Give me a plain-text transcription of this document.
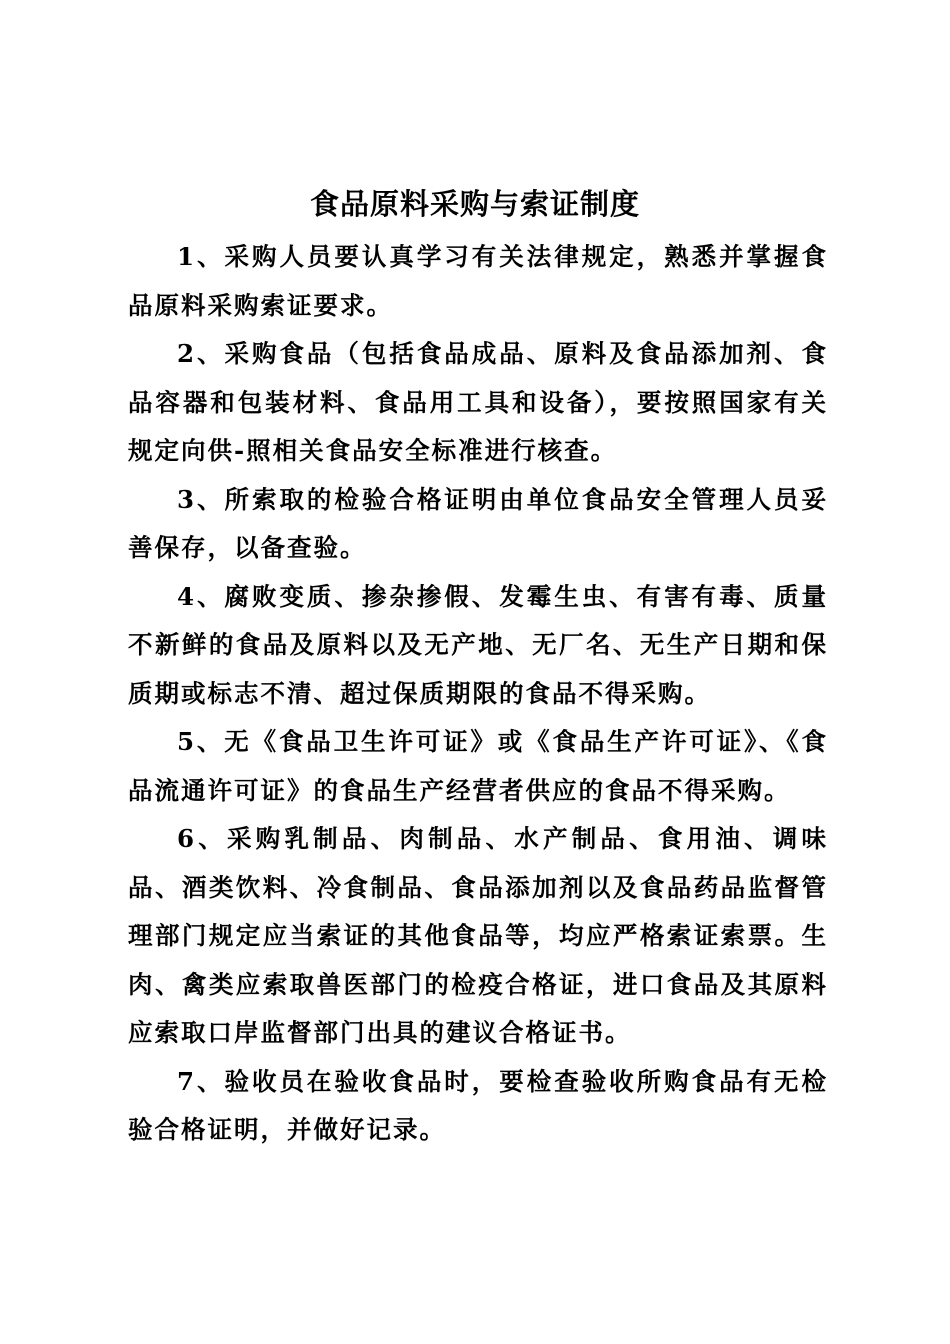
食品原料采购与索证制度

1、采购人员要认真学习有关法律规定，熟悉并掌握食品原料采购索证要求。

2、采购食品（包括食品成品、原料及食品添加剂、食品容器和包装材料、食品用工具和设备），要按照国家有关规定向供-照相关食品安全标准进行核查。

3、所索取的检验合格证明由单位食品安全管理人员妥善保存，以备查验。

4、腐败变质、掺杂掺假、发霉生虫、有害有毒、质量不新鲜的食品及原料以及无产地、无厂名、无生产日期和保质期或标志不清、超过保质期限的食品不得采购。

5、无《食品卫生许可证》或《食品生产许可证》、《食品流通许可证》的食品生产经营者供应的食品不得采购。

6、采购乳制品、肉制品、水产制品、食用油、调味品、酒类饮料、冷食制品、食品添加剂以及食品药品监督管理部门规定应当索证的其他食品等，均应严格索证索票。生肉、禽类应索取兽医部门的检疫合格证，进口食品及其原料应索取口岸监督部门出具的建议合格证书。

7、验收员在验收食品时，要检查验收所购食品有无检验合格证明，并做好记录。
